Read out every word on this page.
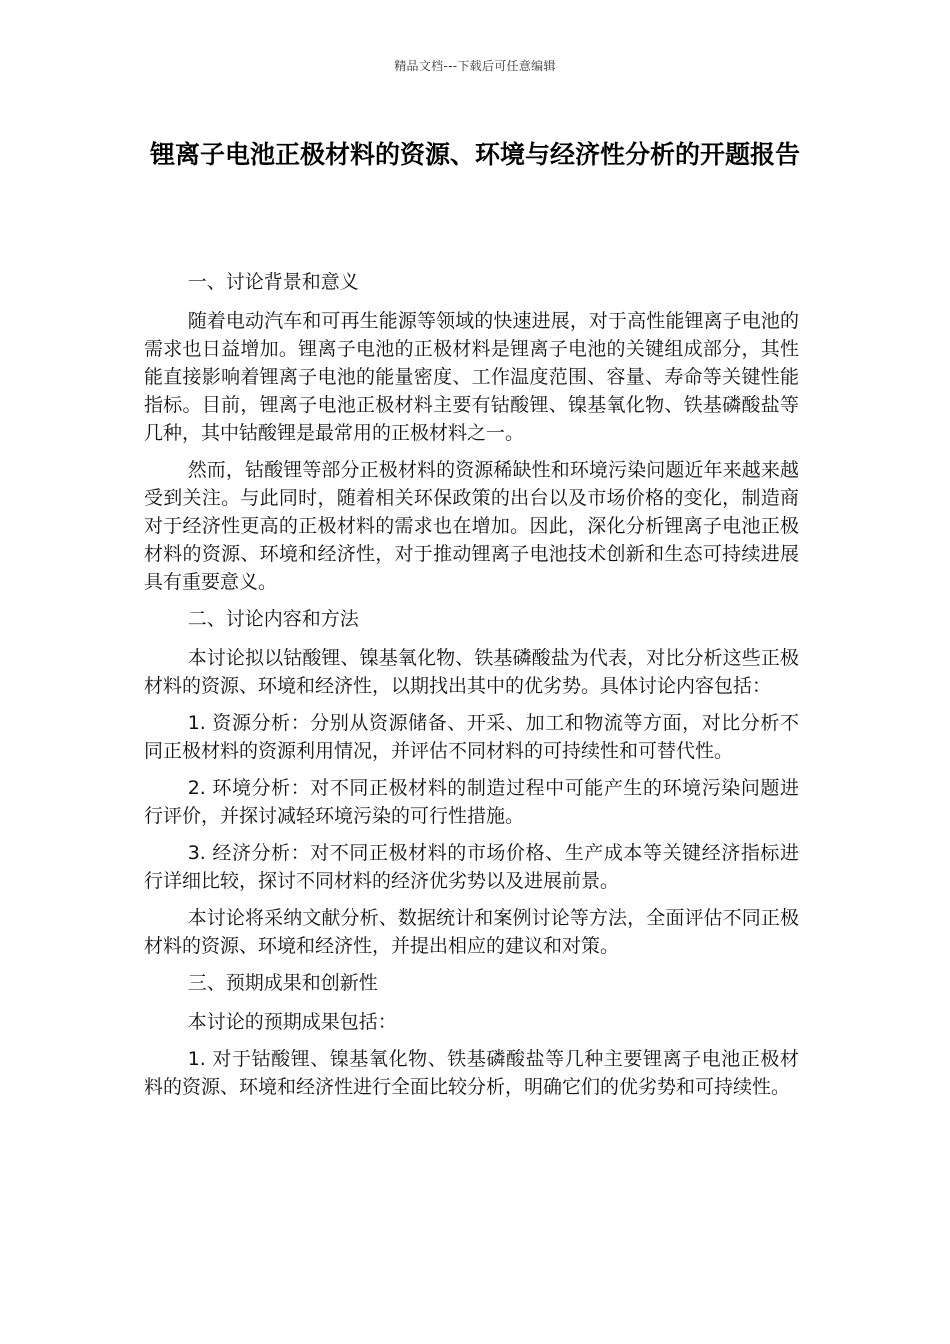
精品文档---下载后可任意编辑
锂离子电池正极材料的资源、环境与经济性分析的开题报告

一、讨论背景和意义

随着电动汽车和可再生能源等领域的快速进展，对于高性能锂离子电池的需求也日益增加。锂离子电池的正极材料是锂离子电池的关键组成部分，其性能直接影响着锂离子电池的能量密度、工作温度范围、容量、寿命等关键性能指标。目前，锂离子电池正极材料主要有钴酸锂、镍基氧化物、铁基磷酸盐等几种，其中钴酸锂是最常用的正极材料之一。

然而，钴酸锂等部分正极材料的资源稀缺性和环境污染问题近年来越来越受到关注。与此同时，随着相关环保政策的出台以及市场价格的变化，制造商对于经济性更高的正极材料的需求也在增加。因此，深化分析锂离子电池正极材料的资源、环境和经济性，对于推动锂离子电池技术创新和生态可持续进展具有重要意义。

二、讨论内容和方法

本讨论拟以钴酸锂、镍基氧化物、铁基磷酸盐为代表，对比分析这些正极材料的资源、环境和经济性，以期找出其中的优劣势。具体讨论内容包括：

1. 资源分析：分别从资源储备、开采、加工和物流等方面，对比分析不同正极材料的资源利用情况，并评估不同材料的可持续性和可替代性。

2. 环境分析：对不同正极材料的制造过程中可能产生的环境污染问题进行评价，并探讨减轻环境污染的可行性措施。

3. 经济分析：对不同正极材料的市场价格、生产成本等关键经济指标进行详细比较，探讨不同材料的经济优劣势以及进展前景。

本讨论将采纳文献分析、数据统计和案例讨论等方法，全面评估不同正极材料的资源、环境和经济性，并提出相应的建议和对策。

三、预期成果和创新性

本讨论的预期成果包括：

1. 对于钴酸锂、镍基氧化物、铁基磷酸盐等几种主要锂离子电池正极材料的资源、环境和经济性进行全面比较分析，明确它们的优劣势和可持续性。
